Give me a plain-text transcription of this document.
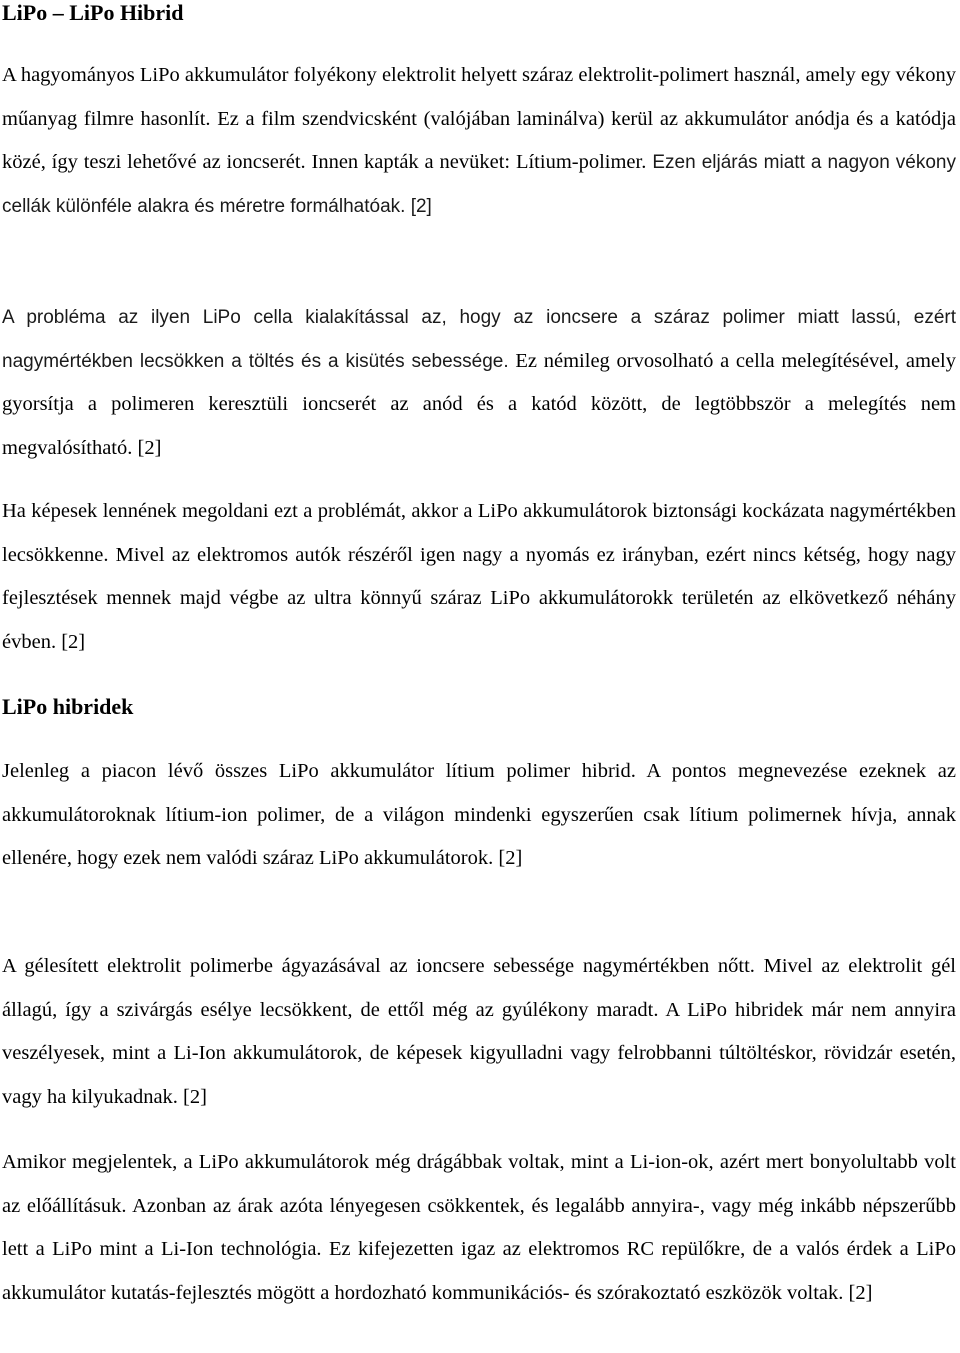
LiPo – LiPo Hibrid

A hagyományos LiPo akkumulátor folyékony elektrolit helyett száraz elektrolit-polimert használ, amely egy vékony műanyag filmre hasonlít. Ez a film szendvicsként (valójában laminálva) kerül az akkumulátor anódja és a katódja közé, így teszi lehetővé az ioncserét. Innen kapták a nevüket: Lítium-polimer. Ezen eljárás miatt a nagyon vékony cellák különféle alakra és méretre formálhatóak. [2]

A probléma az ilyen LiPo cella kialakítással az, hogy az ioncsere a száraz polimer miatt lassú, ezért nagymértékben lecsökken a töltés és a kisütés sebessége. Ez némileg orvosolható a cella melegítésével, amely gyorsítja a polimeren keresztüli ioncserét az anód és a katód között, de legtöbbször a melegítés nem megvalósítható. [2]

Ha képesek lennének megoldani ezt a problémát, akkor a LiPo akkumulátorok biztonsági kockázata nagymértékben lecsökkenne. Mivel az elektromos autók részéről igen nagy a nyomás ez irányban, ezért nincs kétség, hogy nagy fejlesztések mennek majd végbe az ultra könnyű száraz LiPo akkumulátorokk területén az elkövetkező néhány évben. [2]

LiPo hibridek

Jelenleg a piacon lévő összes LiPo akkumulátor lítium polimer hibrid. A pontos megnevezése ezeknek az akkumulátoroknak lítium-ion polimer, de a világon mindenki egyszerűen csak lítium polimernek hívja, annak ellenére, hogy ezek nem valódi száraz LiPo akkumulátorok. [2]

A gélesített elektrolit polimerbe ágyazásával az ioncsere sebessége nagymértékben nőtt. Mivel az elektrolit gél állagú, így a szivárgás esélye lecsökkent, de ettől még az gyúlékony maradt. A LiPo hibridek már nem annyira veszélyesek, mint a Li-Ion akkumulátorok, de képesek kigyulladni vagy felrobbanni túltöltéskor, rövidzár esetén, vagy ha kilyukadnak. [2]

Amikor megjelentek, a LiPo akkumulátorok még drágábbak voltak, mint a Li-ion-ok, azért mert bonyolultabb volt az előállításuk. Azonban az árak azóta lényegesen csökkentek, és legalább annyira-, vagy még inkább népszerűbb lett a LiPo mint a Li-Ion technológia. Ez kifejezetten igaz az elektromos RC repülőkre, de a valós érdek a LiPo akkumulátor kutatás-fejlesztés mögött a hordozható kommunikációs- és szórakoztató eszközök voltak. [2]
